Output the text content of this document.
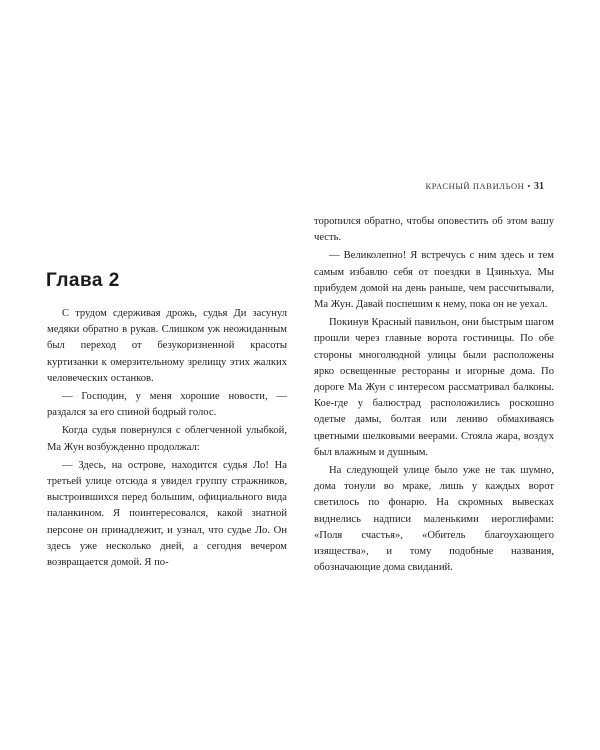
КРАСНЫЙ ПАВИЛЬОН • 31
Глава 2

С трудом сдерживая дрожь, судья Ди засунул медяки обратно в рукав. Слишком уж неожиданным был переход от безукоризненной красоты куртизанки к омерзительному зрелищу этих жалких человеческих останков.

— Господин, у меня хорошие новости, — раздался за его спиной бодрый голос.

Когда судья повернулся с облегченной улыбкой, Ма Жун возбужденно продолжал:

— Здесь, на острове, находится судья Ло! На третьей улице отсюда я увидел группу стражников, выстроившихся перед большим, официального вида паланкином. Я поинтересовался, какой знатной персоне он принадлежит, и узнал, что судье Ло. Он здесь уже несколько дней, а сегодня вечером возвращается домой. Я по-

торопился обратно, чтобы оповестить об этом вашу честь.

— Великолепно! Я встречусь с ним здесь и тем самым избавлю себя от поездки в Цзиньхуа. Мы прибудем домой на день раньше, чем рассчитывали, Ма Жун. Давай поспешим к нему, пока он не уехал.

Покинув Красный павильон, они быстрым шагом прошли через главные ворота гостиницы. По обе стороны многолюдной улицы были расположены ярко освещенные рестораны и игорные дома. По дороге Ма Жун с интересом рассматривал балконы. Кое-где у балюстрад расположились роскошно одетые дамы, болтая или лениво обмахиваясь цветными шелковыми веерами. Стояла жара, воздух был влажным и душным.

На следующей улице было уже не так шумно, дома тонули во мраке, лишь у каждых ворот светилось по фонарю. На скромных вывесках виднелись надписи маленькими иероглифами: «Поля счастья», «Обитель благоухающего изящества», и тому подобные названия, обозначающие дома свиданий.
